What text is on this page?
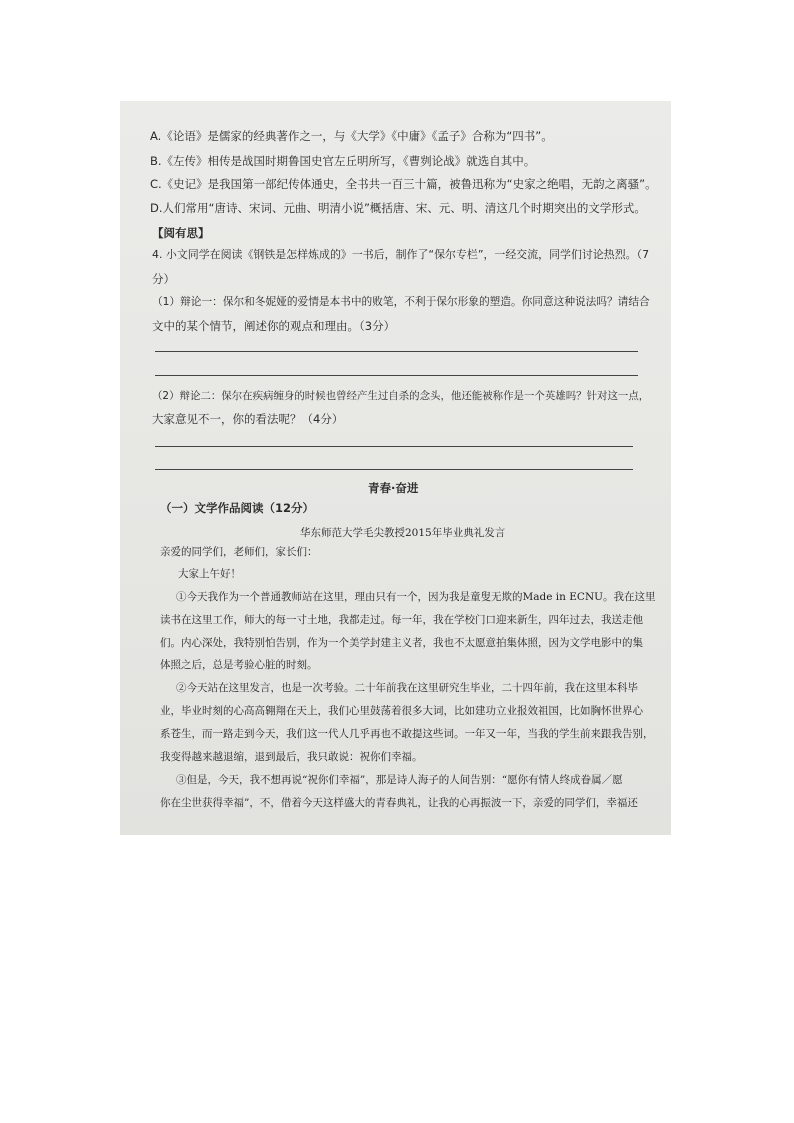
A.《论语》是儒家的经典著作之一，与《大学》《中庸》《孟子》合称为“四书”。
B.《左传》相传是战国时期鲁国史官左丘明所写，《曹刿论战》就选自其中。
C.《史记》是我国第一部纪传体通史，全书共一百三十篇，被鲁迅称为“史家之绝唱，无韵之离骚”。
D.人们常用“唐诗、宋词、元曲、明清小说”概括唐、宋、元、明、清这几个时期突出的文学形式。
【阅有思】
4. 小文同学在阅读《钢铁是怎样炼成的》一书后，制作了“保尔专栏”，一经交流，同学们讨论热烈。（7
分）
（1）辩论一：保尔和冬妮娅的爱情是本书中的败笔，不利于保尔形象的塑造。你同意这种说法吗？请结合
文中的某个情节，阐述你的观点和理由。（3分）
（2）辩论二：保尔在疾病缠身的时候也曾经产生过自杀的念头，他还能被称作是一个英雄吗？针对这一点，
大家意见不一，你的看法呢？（4分）
青春·奋进
（一）文学作品阅读（12分）
华东师范大学毛尖教授2015年毕业典礼发言
亲爱的同学们，老师们，家长们：
大家上午好！
①今天我作为一个普通教师站在这里，理由只有一个，因为我是童叟无欺的Made in ECNU。我在这里
读书在这里工作，师大的每一寸土地，我都走过。每一年，我在学校门口迎来新生，四年过去，我送走他
们。内心深处，我特别怕告别，作为一个美学封建主义者，我也不太愿意拍集体照，因为文学电影中的集
体照之后，总是考验心脏的时刻。
②今天站在这里发言，也是一次考验。二十年前我在这里研究生毕业，二十四年前，我在这里本科毕
业，毕业时刻的心高高翱翔在天上，我们心里鼓荡着很多大词，比如建功立业报效祖国，比如胸怀世界心
系苍生，而一路走到今天，我们这一代人几乎再也不敢提这些词。一年又一年，当我的学生前来跟我告别，
我变得越来越退缩，退到最后，我只敢说：祝你们幸福。
③但是，今天，我不想再说“祝你们幸福”，那是诗人海子的人间告别：“愿你有情人终成眷属／愿
你在尘世获得幸福”，不，借着今天这样盛大的青春典礼，让我的心再振波一下，亲爱的同学们，幸福还
